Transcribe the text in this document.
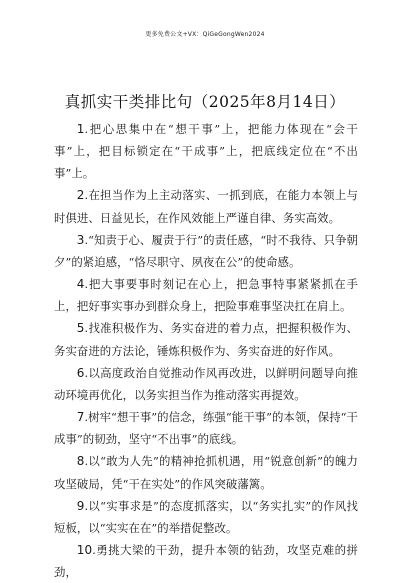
更多免费公文+VX：QiGeGongWen2024
真抓实干类排比句（2025年8月14日）

1.把心思集中在“想干事”上，把能力体现在“会干事”上，把目标锁定在“干成事”上，把底线定位在“不出事”上。

2.在担当作为上主动落实、一抓到底，在能力本领上与时俱进、日益见长，在作风效能上严谨自律、务实高效。

3.“知责于心、履责于行”的责任感，“时不我待、只争朝夕”的紧迫感，“恪尽职守、夙夜在公”的使命感。

4.把大事要事时刻记在心上，把急事特事紧紧抓在手上，把好事实事办到群众身上，把险事难事坚决扛在肩上。

5.找准积极作为、务实奋进的着力点，把握积极作为、务实奋进的方法论，锤炼积极作为、务实奋进的好作风。

6.以高度政治自觉推动作风再改进，以鲜明问题导向推动环境再优化，以务实担当作为推动落实再提效。

7.树牢“想干事”的信念，练强“能干事”的本领，保持“干成事”的韧劲，坚守“不出事”的底线。

8.以“敢为人先”的精神抢抓机遇，用“锐意创新”的魄力攻坚破局，凭“干在实处”的作风突破藩篱。

9.以“实事求是”的态度抓落实，以“务实扎实”的作风找短板，以“实实在在”的举措促整改。

10.勇挑大梁的干劲，提升本领的钻劲，攻坚克难的拼劲，
